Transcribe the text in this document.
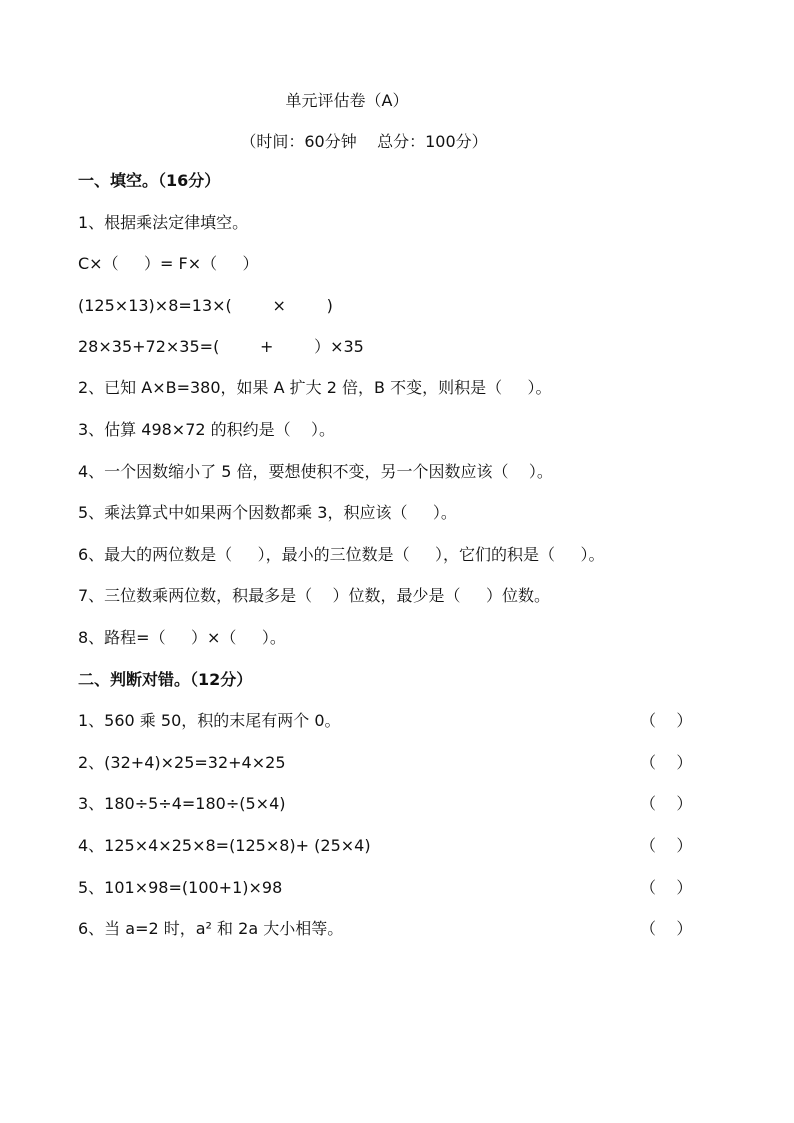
单元评估卷（A）
（时间：60分钟    总分：100分）
一、填空。（16分）
1、根据乘法定律填空。
C×（     ）= F×（     ）
(125×13)×8=13×(        ×        )
28×35+72×35=(        +        ）×35
2、已知 A×B=380，如果 A 扩大 2 倍，B 不变，则积是（     ）。
3、估算 498×72 的积约是（    ）。
4、一个因数缩小了 5 倍，要想使积不变，另一个因数应该（    ）。
5、乘法算式中如果两个因数都乘 3，积应该（     ）。
6、最大的两位数是（     ），最小的三位数是（     ），它们的积是（     ）。
7、三位数乘两位数，积最多是（    ）位数，最少是（     ）位数。
8、路程=（     ）×（     ）。
二、判断对错。（12分）
1、560 乘 50，积的末尾有两个 0。	（    ）
2、(32+4)×25=32+4×25	（    ）
3、180÷5÷4=180÷(5×4)	（    ）
4、125×4×25×8=(125×8)+ (25×4)	（    ）
5、101×98=(100+1)×98	（    ）
6、当 a=2 时，a² 和 2a 大小相等。	（    ）
